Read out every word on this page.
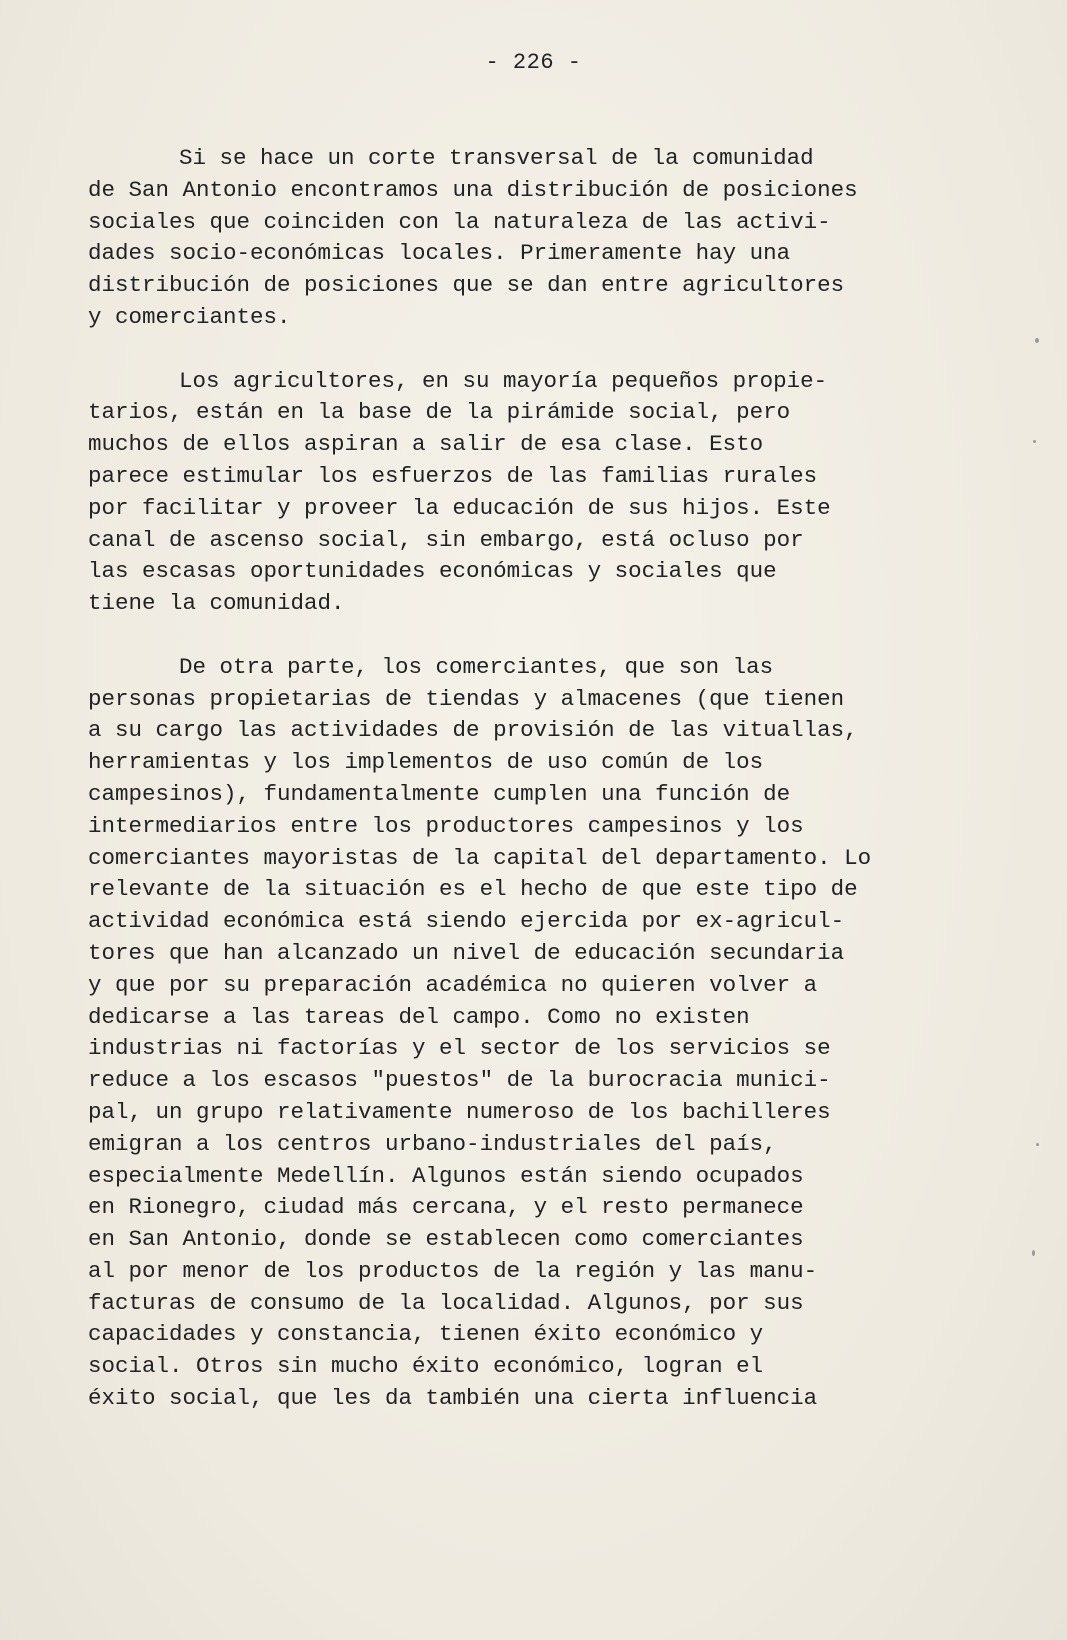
- 226 -
Si se hace un corte transversal de la comunidad
de San Antonio encontramos una distribución de posiciones
sociales que coinciden con la naturaleza de las activi-
dades socio-económicas locales. Primeramente hay una
distribución de posiciones que se dan entre agricultores
y comerciantes.
Los agricultores, en su mayoría pequeños propie-
tarios, están en la base de la pirámide social, pero
muchos de ellos aspiran a salir de esa clase. Esto
parece estimular los esfuerzos de las familias rurales
por facilitar y proveer la educación de sus hijos. Este
canal de ascenso social, sin embargo, está ocluso por
las escasas oportunidades económicas y sociales que
tiene la comunidad.
De otra parte, los comerciantes, que son las
personas propietarias de tiendas y almacenes (que tienen
a su cargo las actividades de provisión de las vituallas,
herramientas y los implementos de uso común de los
campesinos), fundamentalmente cumplen una función de
intermediarios entre los productores campesinos y los
comerciantes mayoristas de la capital del departamento. Lo
relevante de la situación es el hecho de que este tipo de
actividad económica está siendo ejercida por ex-agricul-
tores que han alcanzado un nivel de educación secundaria
y que por su preparación académica no quieren volver a
dedicarse a las tareas del campo. Como no existen
industrias ni factorías y el sector de los servicios se
reduce a los escasos "puestos" de la burocracia munici-
pal, un grupo relativamente numeroso de los bachilleres
emigran a los centros urbano-industriales del país,
especialmente Medellín. Algunos están siendo ocupados
en Rionegro, ciudad más cercana, y el resto permanece
en San Antonio, donde se establecen como comerciantes
al por menor de los productos de la región y las manu-
facturas de consumo de la localidad. Algunos, por sus
capacidades y constancia, tienen éxito económico y
social. Otros sin mucho éxito económico, logran el
éxito social, que les da también una cierta influencia
